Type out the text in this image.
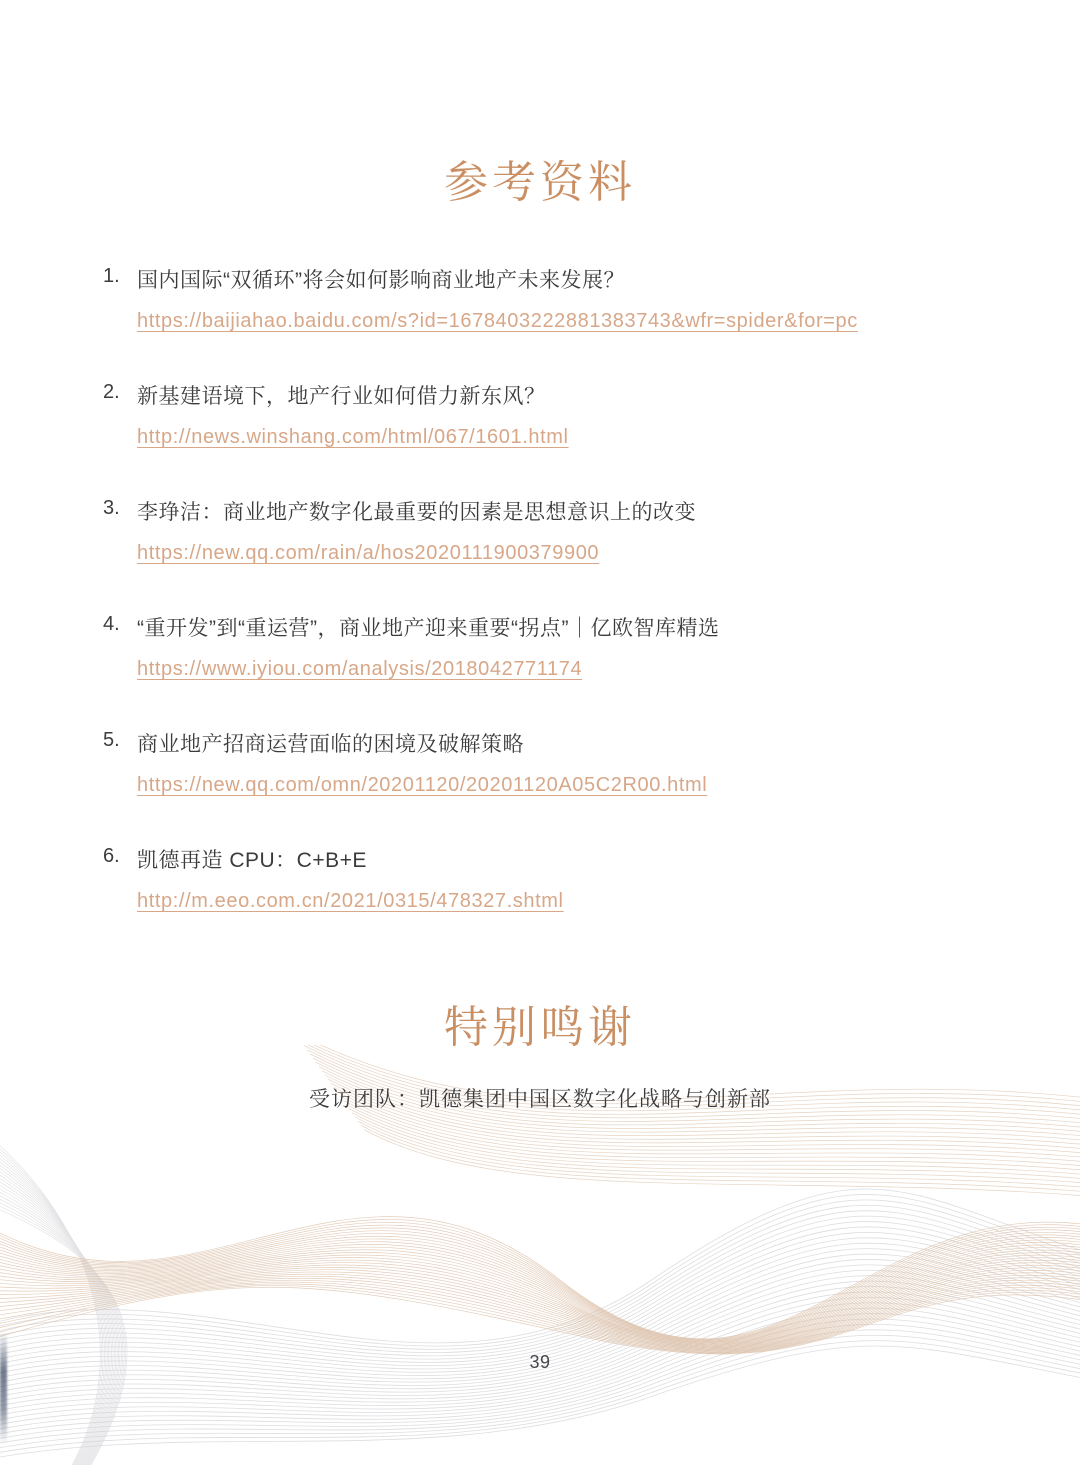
参考资料
1. 国内国际“双循环”将会如何影响商业地产未来发展？
https://baijiahao.baidu.com/s?id=1678403222881383743&wfr=spider&for=pc
2. 新基建语境下，地产行业如何借力新东风？
http://news.winshang.com/html/067/1601.html
3. 李琤洁：商业地产数字化最重要的因素是思想意识上的改变
https://new.qq.com/rain/a/hos2020111900379900
4. “重开发”到“重运营”，商业地产迎来重要“拐点”｜亿欧智库精选
https://www.iyiou.com/analysis/2018042771174
5. 商业地产招商运营面临的困境及破解策略
https://new.qq.com/omn/20201120/20201120A05C2R00.html
6. 凯德再造 CPU：C+B+E
http://m.eeo.com.cn/2021/0315/478327.shtml
特别鸣谢

受访团队：凯德集团中国区数字化战略与创新部

39
